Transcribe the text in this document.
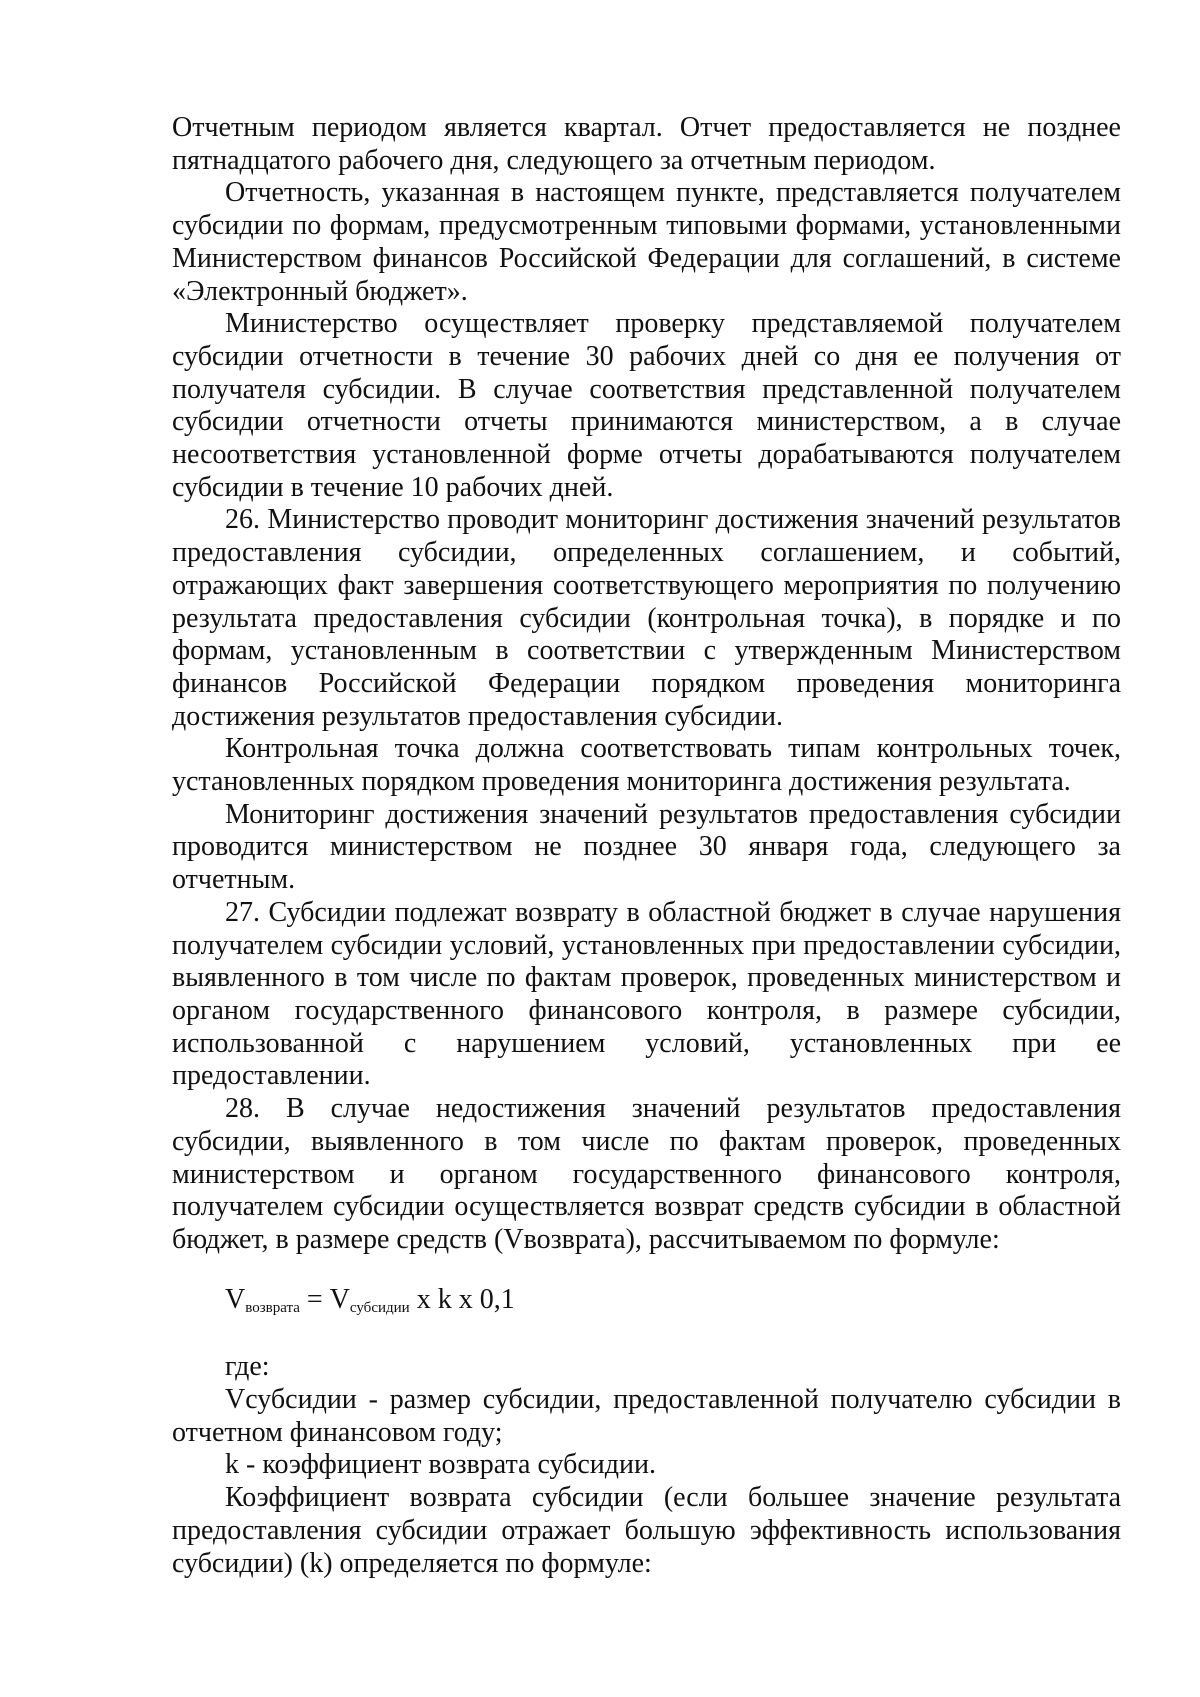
Отчетным периодом является квартал. Отчет предоставляется не позднее пятнадцатого рабочего дня, следующего за отчетным периодом.

Отчетность, указанная в настоящем пункте, представляется получателем субсидии по формам, предусмотренным типовыми формами, установленными Министерством финансов Российской Федерации для соглашений, в системе «Электронный бюджет».

Министерство осуществляет проверку представляемой получателем субсидии отчетности в течение 30 рабочих дней со дня ее получения от получателя субсидии. В случае соответствия представленной получателем субсидии отчетности отчеты принимаются министерством, а в случае несоответствия установленной форме отчеты дорабатываются получателем субсидии в течение 10 рабочих дней.

26. Министерство проводит мониторинг достижения значений результатов предоставления субсидии, определенных соглашением, и событий, отражающих факт завершения соответствующего мероприятия по получению результата предоставления субсидии (контрольная точка), в порядке и по формам, установленным в соответствии с утвержденным Министерством финансов Российской Федерации порядком проведения мониторинга достижения результатов предоставления субсидии.

Контрольная точка должна соответствовать типам контрольных точек, установленных порядком проведения мониторинга достижения результата.

Мониторинг достижения значений результатов предоставления субсидии проводится министерством не позднее 30 января года, следующего за отчетным.

27. Субсидии подлежат возврату в областной бюджет в случае нарушения получателем субсидии условий, установленных при предоставлении субсидии, выявленного в том числе по фактам проверок, проведенных министерством и органом государственного финансового контроля, в размере субсидии, использованной с нарушением условий, установленных при ее предоставлении.

28. В случае недостижения значений результатов предоставления субсидии, выявленного в том числе по фактам проверок, проведенных министерством и органом государственного финансового контроля, получателем субсидии осуществляется возврат средств субсидии в областной бюджет, в размере средств (Vвозврата), рассчитываемом по формуле:

$V_{возврата} = V_{субсидии}$ x k x 0,1

где:

Vсубсидии - размер субсидии, предоставленной получателю субсидии в отчетном финансовом году;

k - коэффициент возврата субсидии.

Коэффициент возврата субсидии (если большее значение результата предоставления субсидии отражает большую эффективность использования субсидии) (k) определяется по формуле:
